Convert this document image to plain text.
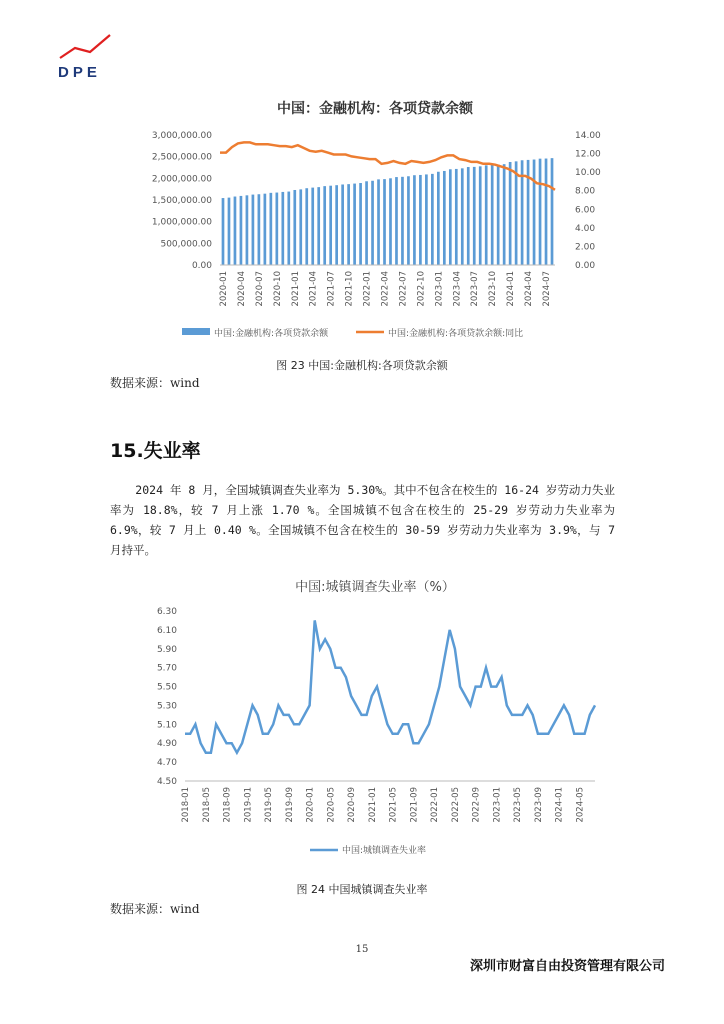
DPE
中国：金融机构：各项贷款余额
0.00
500,000.00
1,000,000.00
1,500,000.00
2,000,000.00
2,500,000.00
3,000,000.00
0.00
2.00
4.00
6.00
8.00
10.00
12.00
14.00
2020-01 2020-04 2020-07 2020-10 2021-01 2021-04 2021-07 2021-10 2022-01 2022-04 2022-07 2022-10 2023-01 2023-04 2023-07 2023-10 2024-01 2024-04 2024-07
中国:金融机构:各项贷款余额	中国:金融机构:各项贷款余额:同比
图 23 中国:金融机构:各项贷款余额
数据来源：wind
15.失业率
2024 年 8 月，全国城镇调查失业率为 5.30%。其中不包含在校生的 16-24 岁劳动力失业率为 18.8%，较 7 月上涨 1.70 %。全国城镇不包含在校生的 25-29 岁劳动力失业率为 6.9%，较 7 月上 0.40 %。全国城镇不包含在校生的 30-59 岁劳动力失业率为 3.9%，与 7 月持平。
中国:城镇调查失业率（%）
4.50
4.70
4.90
5.10
5.30
5.50
5.70
5.90
6.10
6.30
2018-01 2018-05 2018-09 2019-01 2019-05 2019-09 2020-01 2020-05 2020-09 2021-01 2021-05 2021-09 2022-01 2022-05 2022-09 2023-01 2023-05 2023-09 2024-01 2024-05
中国:城镇调查失业率
图 24 中国城镇调查失业率
数据来源：wind
15
深圳市财富自由投资管理有限公司
